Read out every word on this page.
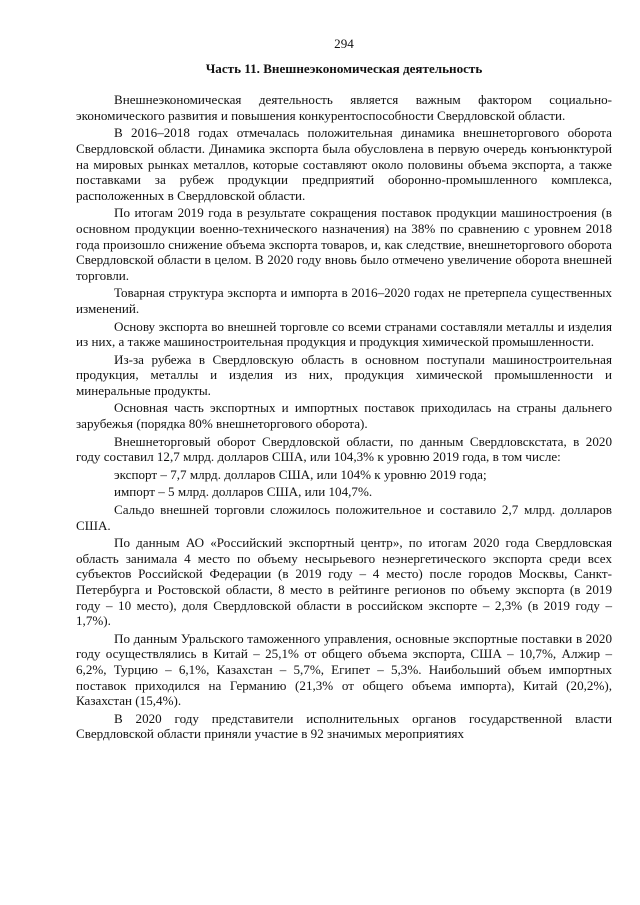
294
Часть 11. Внешнеэкономическая деятельность

Внешнеэкономическая деятельность является важным фактором социально-экономического развития и повышения конкурентоспособности Свердловской области.

В 2016–2018 годах отмечалась положительная динамика внешнеторгового оборота Свердловской области. Динамика экспорта была обусловлена в первую очередь конъюнктурой на мировых рынках металлов, которые составляют около половины объема экспорта, а также поставками за рубеж продукции предприятий оборонно-промышленного комплекса, расположенных в Свердловской области.

По итогам 2019 года в результате сокращения поставок продукции машиностроения (в основном продукции военно-технического назначения) на 38% по сравнению с уровнем 2018 года произошло снижение объема экспорта товаров, и, как следствие, внешнеторгового оборота Свердловской области в целом. В 2020 году вновь было отмечено увеличение оборота внешней торговли.

Товарная структура экспорта и импорта в 2016–2020 годах не претерпела существенных изменений.

Основу экспорта во внешней торговле со всеми странами составляли металлы и изделия из них, а также машиностроительная продукция и продукция химической промышленности.

Из-за рубежа в Свердловскую область в основном поступали машиностроительная продукция, металлы и изделия из них, продукция химической промышленности и минеральные продукты.

Основная часть экспортных и импортных поставок приходилась на страны дальнего зарубежья (порядка 80% внешнеторгового оборота).

Внешнеторговый оборот Свердловской области, по данным Свердловскстата, в 2020 году составил 12,7 млрд. долларов США, или 104,3% к уровню 2019 года, в том числе:

экспорт – 7,7 млрд. долларов США, или 104% к уровню 2019 года;

импорт – 5 млрд. долларов США, или 104,7%.

Сальдо внешней торговли сложилось положительное и составило 2,7 млрд. долларов США.

По данным АО «Российский экспортный центр», по итогам 2020 года Свердловская область занимала 4 место по объему несырьевого неэнергетического экспорта среди всех субъектов Российской Федерации (в 2019 году – 4 место) после городов Москвы, Санкт-Петербурга и Ростовской области, 8 место в рейтинге регионов по объему экспорта (в 2019 году – 10 место), доля Свердловской области в российском экспорте – 2,3% (в 2019 году – 1,7%).

По данным Уральского таможенного управления, основные экспортные поставки в 2020 году осуществлялись в Китай – 25,1% от общего объема экспорта, США – 10,7%, Алжир – 6,2%, Турцию – 6,1%, Казахстан – 5,7%, Египет – 5,3%. Наибольший объем импортных поставок приходился на Германию (21,3% от общего объема импорта), Китай (20,2%), Казахстан (15,4%).

В 2020 году представители исполнительных органов государственной власти Свердловской области приняли участие в 92 значимых мероприятиях
